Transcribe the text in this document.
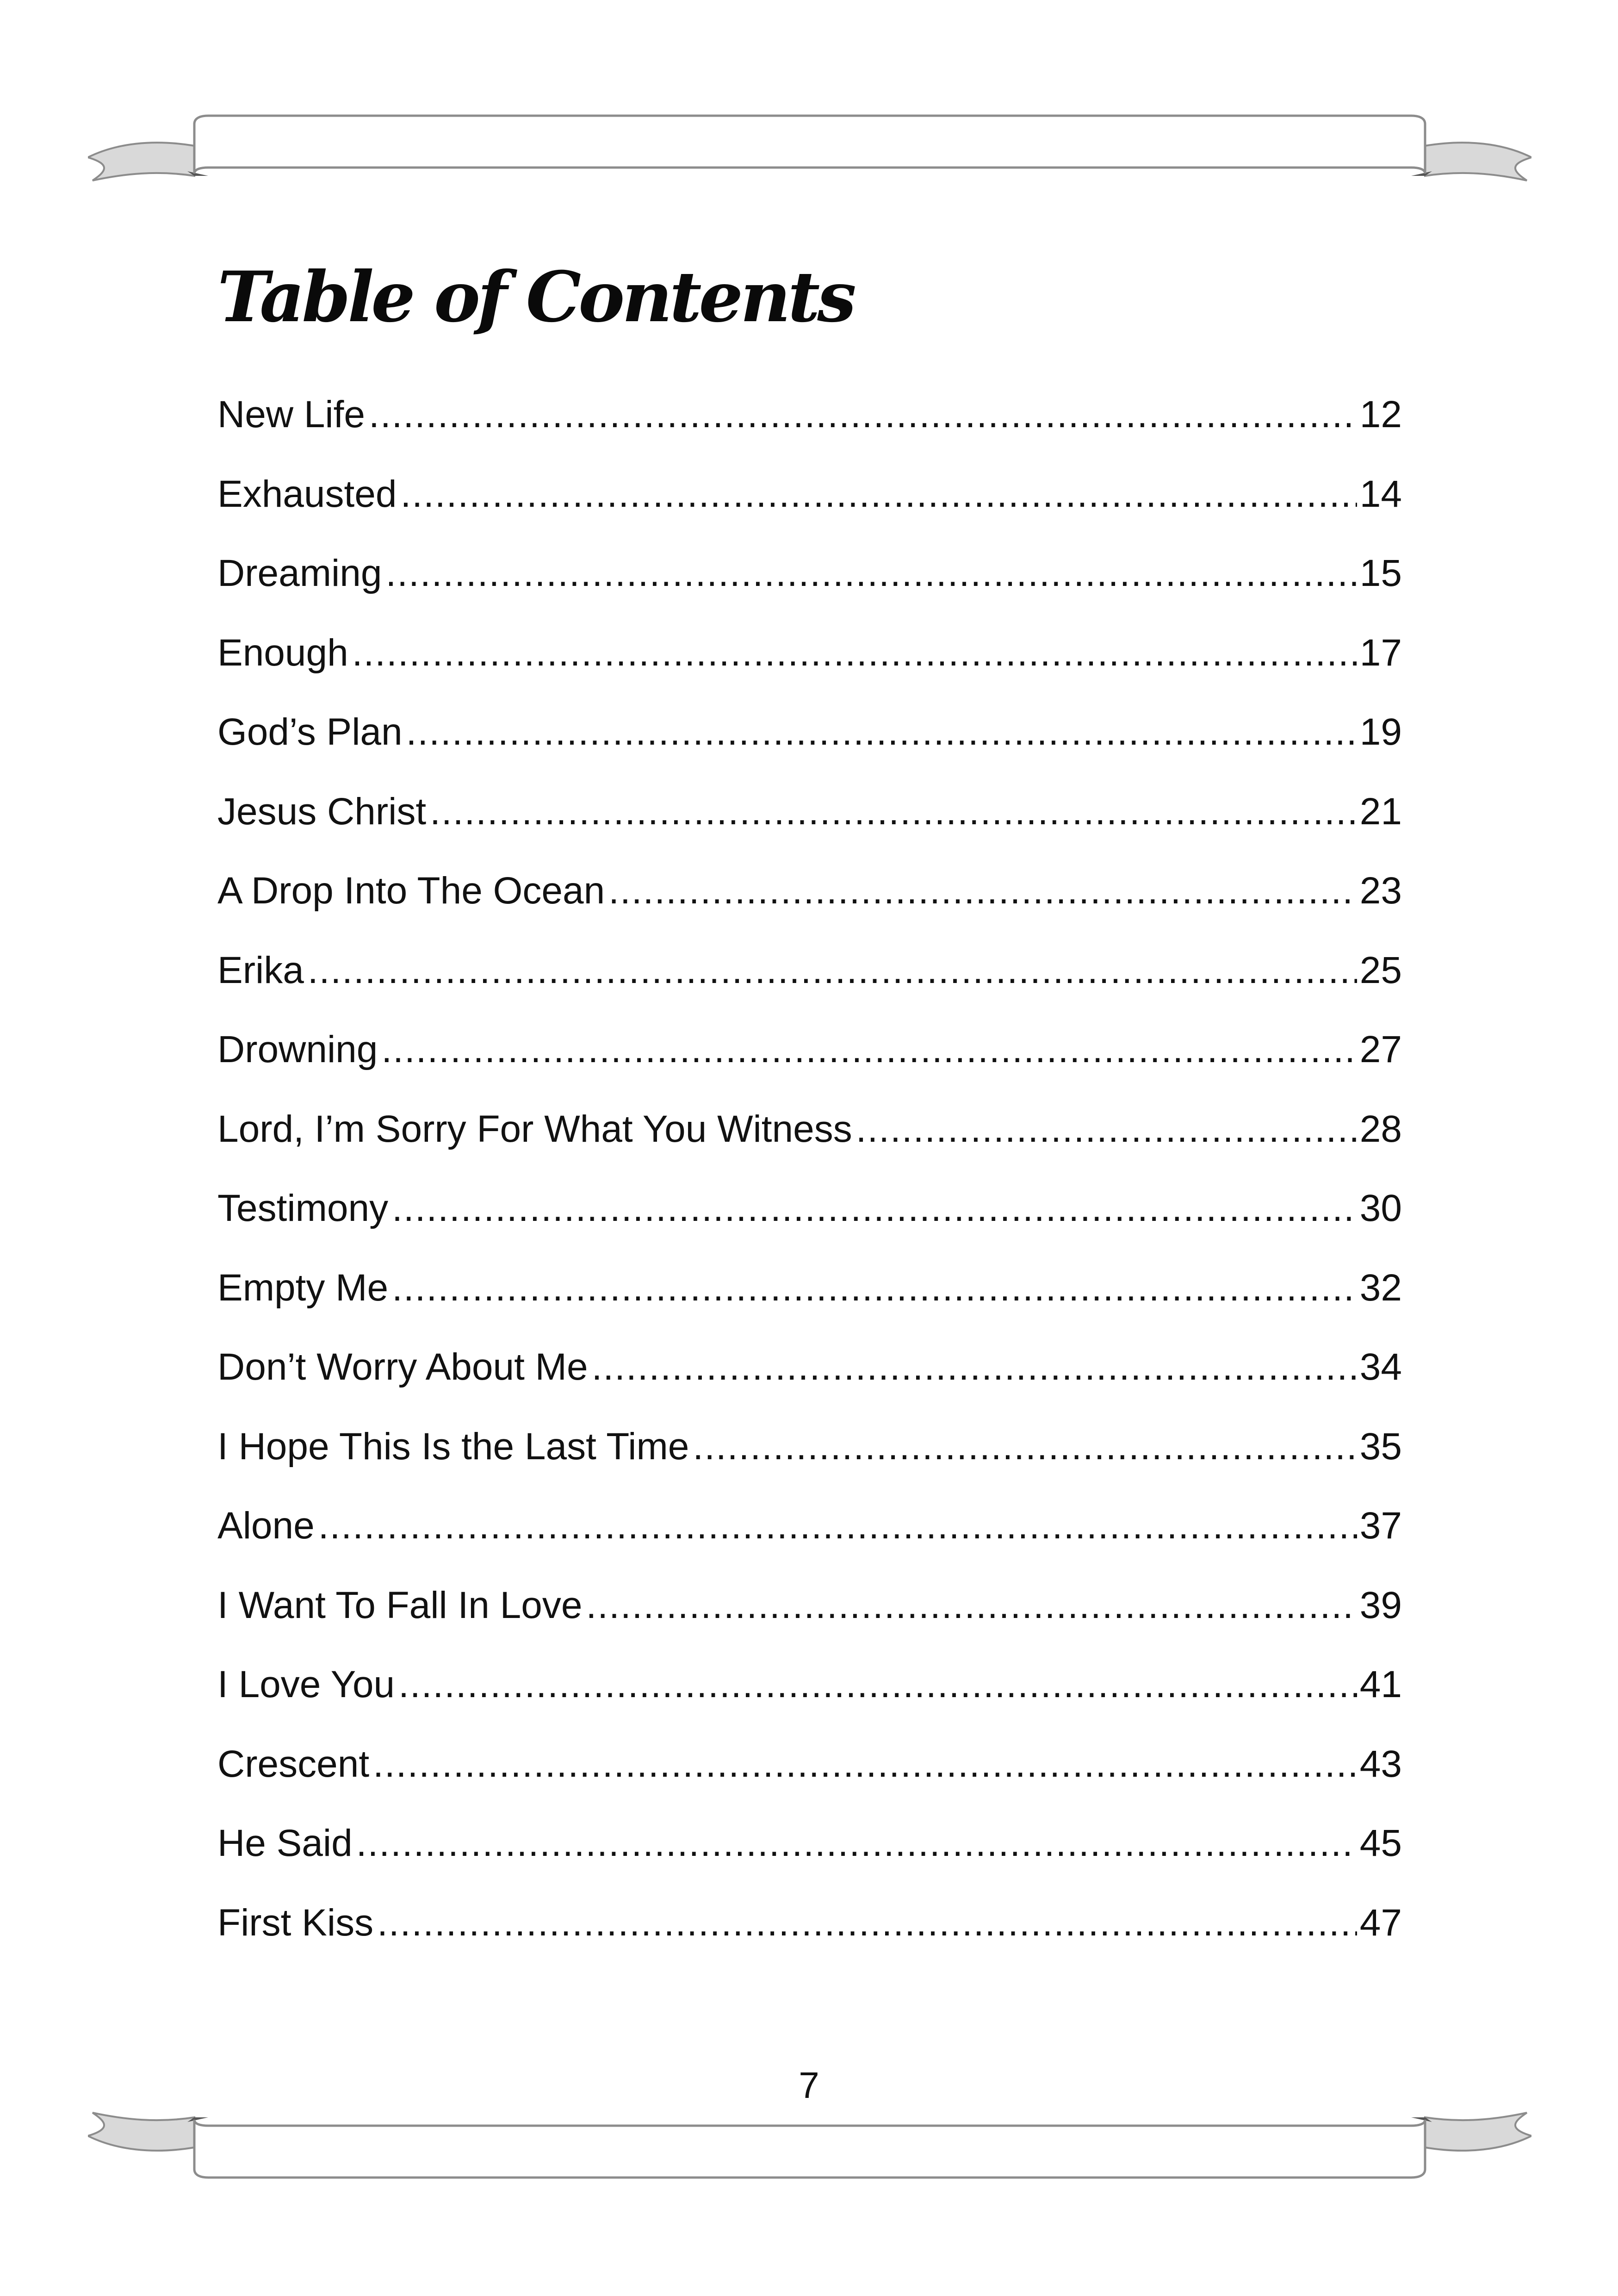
Table of Contents
New Life .....	12
Exhausted .....	14
Dreaming .....	15
Enough .....	17
God’s Plan .....	19
Jesus Christ .....	21
A Drop Into The Ocean .....	23
Erika .....	25
Drowning .....	27
Lord, I’m Sorry For What You Witness .....	28
Testimony .....	30
Empty Me .....	32
Don’t Worry About Me .....	34
I Hope This Is the Last Time .....	35
Alone .....	37
I Want To Fall In Love .....	39
I Love You .....	41
Crescent .....	43
He Said .....	45
First Kiss .....	47
7
